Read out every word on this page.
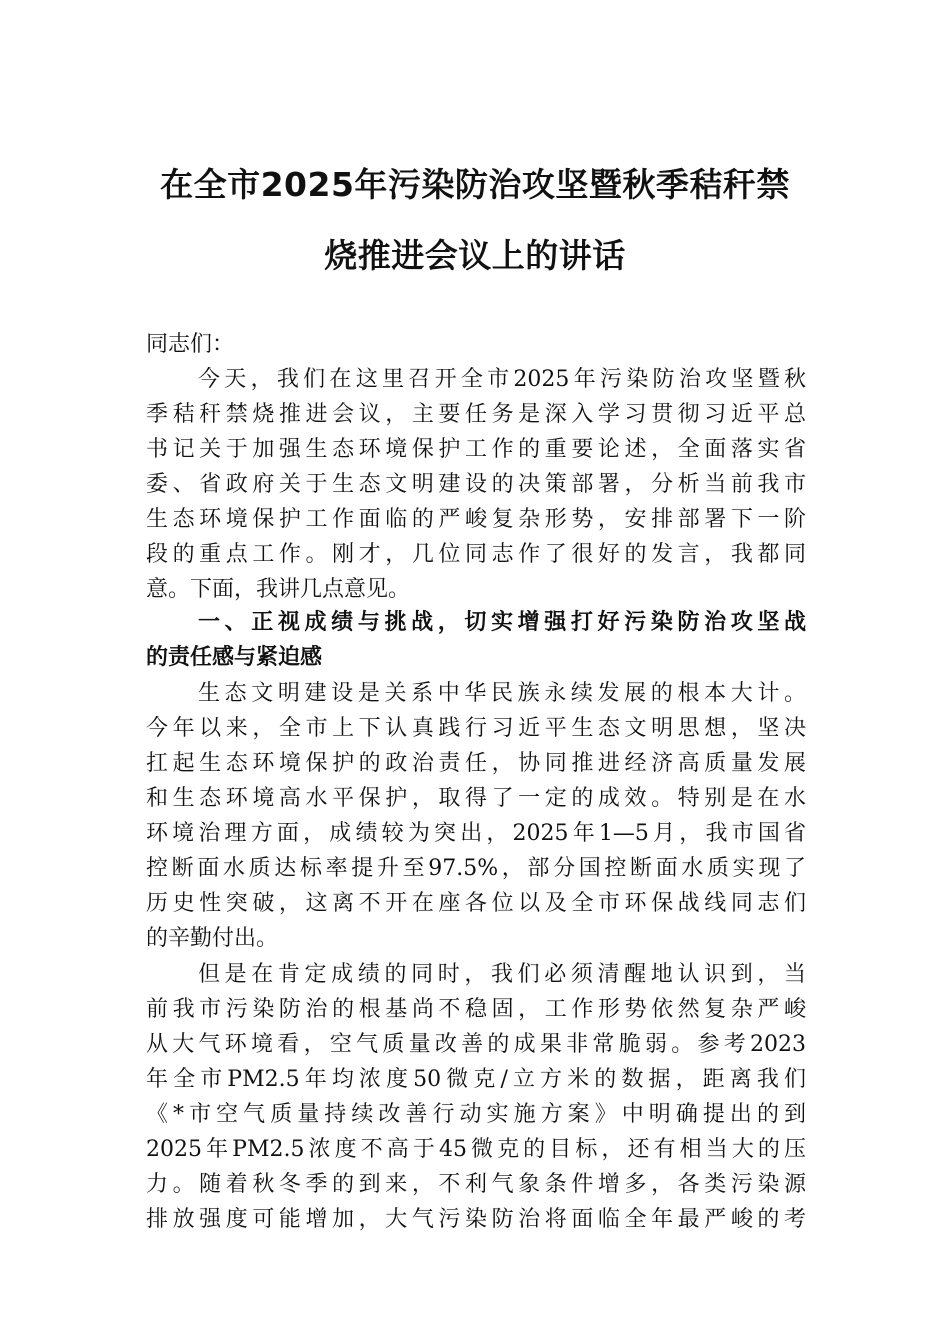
在全市2025年污染防治攻坚暨秋季秸秆禁
烧推进会议上的讲话
同志们：
今天，我们在这里召开全市2025年污染防治攻坚暨秋
季秸秆禁烧推进会议，主要任务是深入学习贯彻习近平总
书记关于加强生态环境保护工作的重要论述，全面落实省
委、省政府关于生态文明建设的决策部署，分析当前我市
生态环境保护工作面临的严峻复杂形势，安排部署下一阶
段的重点工作。刚才，几位同志作了很好的发言，我都同
意。下面，我讲几点意见。
一、正视成绩与挑战，切实增强打好污染防治攻坚战
的责任感与紧迫感
生态文明建设是关系中华民族永续发展的根本大计。
今年以来，全市上下认真践行习近平生态文明思想，坚决
扛起生态环境保护的政治责任，协同推进经济高质量发展
和生态环境高水平保护，取得了一定的成效。特别是在水
环境治理方面，成绩较为突出，2025年1—5月，我市国省
控断面水质达标率提升至97.5%，部分国控断面水质实现了
历史性突破，这离不开在座各位以及全市环保战线同志们
的辛勤付出。
但是在肯定成绩的同时，我们必须清醒地认识到，当
前我市污染防治的根基尚不稳固，工作形势依然复杂严峻
从大气环境看，空气质量改善的成果非常脆弱。参考2023
年全市PM2.5年均浓度50微克/立方米的数据，距离我们
《*市空气质量持续改善行动实施方案》中明确提出的到
2025年PM2.5浓度不高于45微克的目标，还有相当大的压
力。随着秋冬季的到来，不利气象条件增多，各类污染源
排放强度可能增加，大气污染防治将面临全年最严峻的考
